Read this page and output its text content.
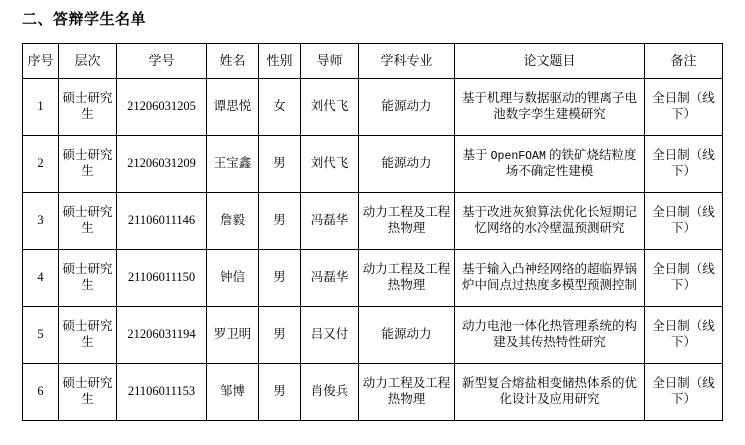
二、答辩学生名单
序号	层次	学号	姓名	性别	导师	学科专业	论文题目	备注
1	硕士研究生	21206031205	谭思悦	女	刘代飞	能源动力	基于机理与数据驱动的锂离子电池数字孪生建模研究	全日制（线下）
2	硕士研究生	21206031209	王宝鑫	男	刘代飞	能源动力	基于 OpenFOAM 的铁矿烧结粒度场不确定性建模	全日制（线下）
3	硕士研究生	21106011146	詹毅	男	冯磊华	动力工程及工程热物理	基于改进灰狼算法优化长短期记忆网络的水冷壁温预测研究	全日制（线下）
4	硕士研究生	21106011150	钟信	男	冯磊华	动力工程及工程热物理	基于输入凸神经网络的超临界锅炉中间点过热度多模型预测控制	全日制（线下）
5	硕士研究生	21206031194	罗卫明	男	吕又付	能源动力	动力电池一体化热管理系统的构建及其传热特性研究	全日制（线下）
6	硕士研究生	21106011153	邹博	男	肖俊兵	动力工程及工程热物理	新型复合熔盐相变储热体系的优化设计及应用研究	全日制（线下）
